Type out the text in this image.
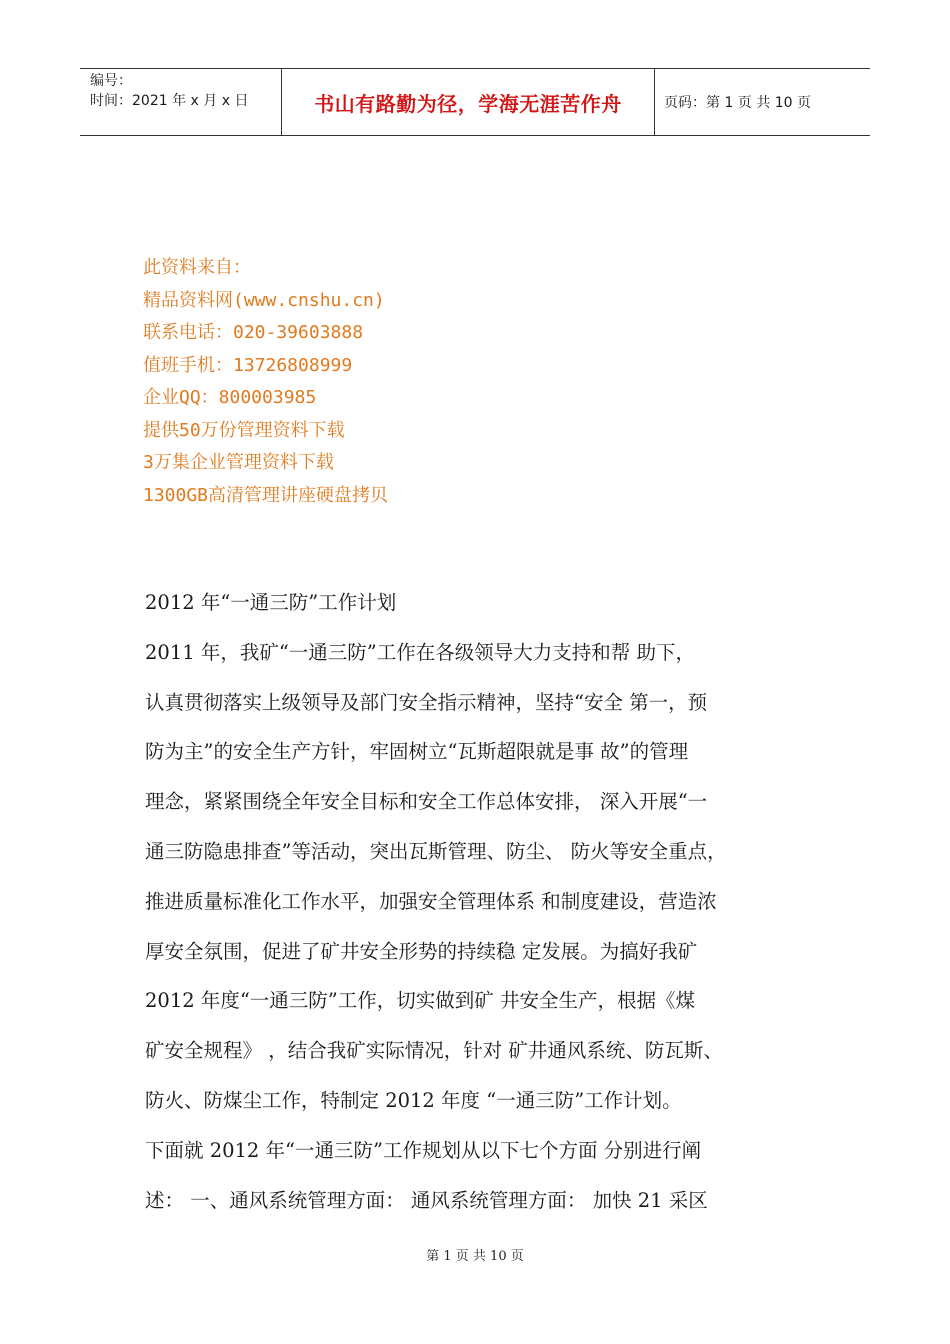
编号：
时间：2021 年 x 月 x 日	书山有路勤为径，学海无涯苦作舟	页码：第 1 页 共 10 页
此资料来自：
精品资料网(www.cnshu.cn)
联系电话：020-39603888
值班手机：13726808999
企业QQ：800003985
提供50万份管理资料下载
3万集企业管理资料下载
1300GB高清管理讲座硬盘拷贝
2012 年“一通三防”工作计划
2011 年，我矿“一通三防”工作在各级领导大力支持和帮 助下，
认真贯彻落实上级领导及部门安全指示精神，坚持“安全 第一，预
防为主”的安全生产方针，牢固树立“瓦斯超限就是事 故”的管理
理念，紧紧围绕全年安全目标和安全工作总体安排， 深入开展“一
通三防隐患排查”等活动，突出瓦斯管理、防尘、 防火等安全重点，
推进质量标准化工作水平，加强安全管理体系 和制度建设，营造浓
厚安全氛围，促进了矿井安全形势的持续稳 定发展。为搞好我矿
2012 年度“一通三防”工作，切实做到矿 井安全生产，根据《煤
矿安全规程》 ，结合我矿实际情况，针对 矿井通风系统、防瓦斯、
防火、防煤尘工作，特制定 2012 年度 “一通三防”工作计划。
下面就 2012 年“一通三防”工作规划从以下七个方面 分别进行阐
述： 一、通风系统管理方面： 通风系统管理方面： 加快 21 采区
第 1 页 共 10 页
